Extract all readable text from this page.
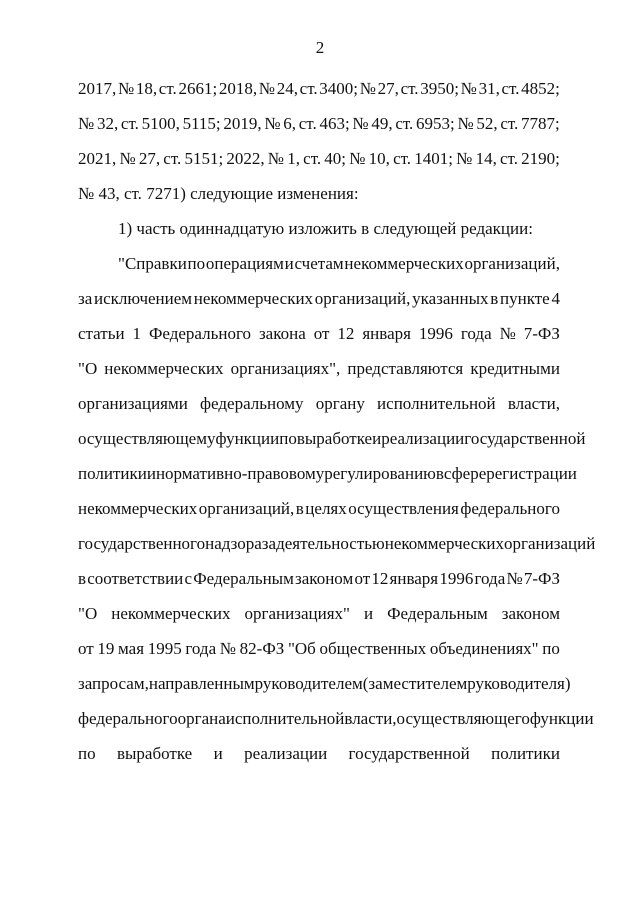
2
2017, № 18, ст. 2661; 2018, № 24, ст. 3400; № 27, ст. 3950; № 31, ст. 4852;
№ 32, ст. 5100, 5115; 2019, № 6, ст. 463; № 49, ст. 6953; № 52, ст. 7787;
2021, № 27, ст. 5151; 2022, № 1, ст. 40; № 10, ст. 1401; № 14, ст. 2190;
№
43,
ст.
7271)
следующие
изменения:

1)
часть
одиннадцатую
изложить
в
следующей
редакции:

"Справки по операциям и счетам некоммерческих организаций,
за исключением некоммерческих организаций, указанных в пункте 4
статьи 1 Федерального закона от 12 января 1996 года № 7-ФЗ
"О некоммерческих организациях", представляются кредитными
организациями федеральному органу исполнительной власти,
осуществляющему функции по выработке и реализации государственной
политики и нормативно-правовому регулированию в сфере регистрации
некоммерческих организаций, в целях осуществления федерального
государственного надзора за деятельностью некоммерческих организаций
в соответствии с Федеральным законом от 12 января 1996 года № 7-ФЗ
"О некоммерческих организациях" и Федеральным законом
от 19 мая 1995 года № 82-ФЗ "Об общественных объединениях" по
запросам, направленным руководителем (заместителем руководителя)
федерального органа исполнительной власти, осуществляющего функции
по выработке и реализации государственной политики
